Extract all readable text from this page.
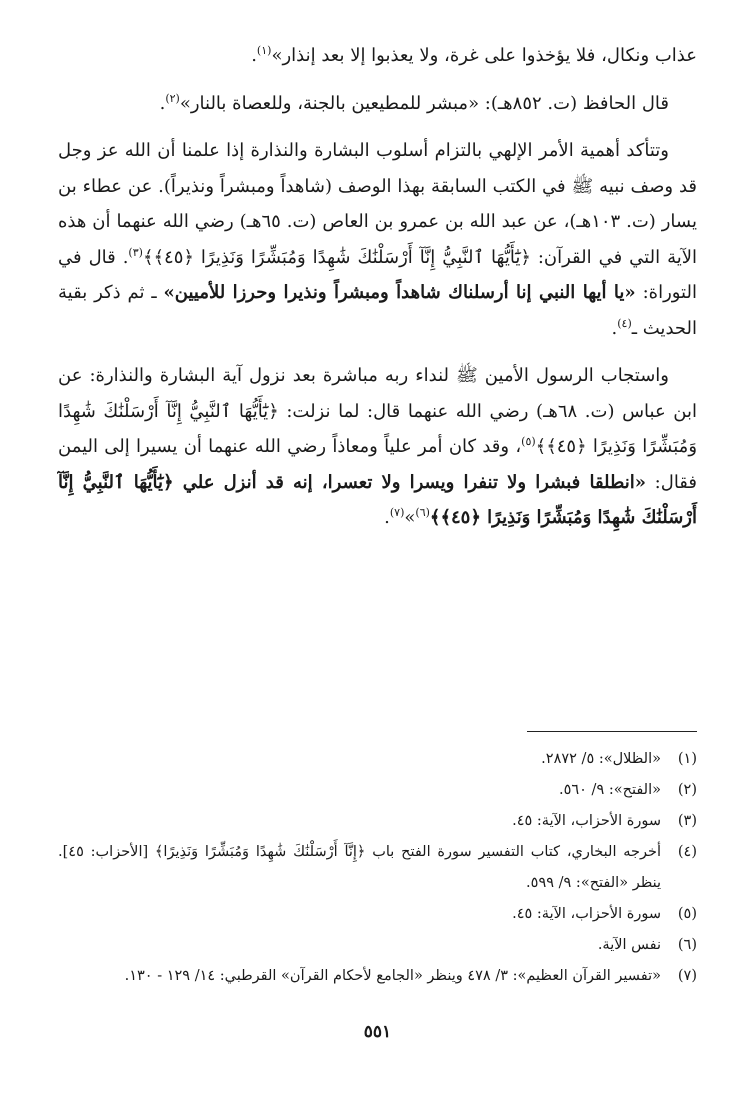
عذاب ونكال، فلا يؤخذوا على غرة، ولا يعذبوا إلا بعد إنذار»$^{(١)}$.

قال الحافظ (ت. ٨٥٢هـ): «مبشر للمطيعين بالجنة، وللعصاة بالنار»$^{(٢)}$.

وتتأكد أهمية الأمر الإلهي بالتزام أسلوب البشارة والنذارة إذا علمنا أن الله عز وجل قد وصف نبيه ﷺ في الكتب السابقة بهذا الوصف (شاهداً ومبشراً ونذيراً). عن عطاء بن يسار (ت. ١٠٣هـ)، عن عبد الله بن عمرو بن العاص (ت. ٦٥هـ) رضي الله عنهما أن هذه الآية التي في القرآن: ﴿يَٰٓأَيُّهَا ٱلنَّبِيُّ إِنَّآ أَرْسَلْنَٰكَ شَٰهِدًا وَمُبَشِّرًا وَنَذِيرًا ﴿٤٥﴾﴾$^{(٣)}$. قال في التوراة: «يا أيها النبي إنا أرسلناك شاهداً ومبشراً ونذيرا وحرزا للأميين» ـ ثم ذكر بقية الحديث ـ$^{(٤)}$.

واستجاب الرسول الأمين ﷺ لنداء ربه مباشرة بعد نزول آية البشارة والنذارة: عن ابن عباس (ت. ٦٨هـ) رضي الله عنهما قال: لما نزلت: ﴿يَٰٓأَيُّهَا ٱلنَّبِيُّ إِنَّآ أَرْسَلْنَٰكَ شَٰهِدًا وَمُبَشِّرًا وَنَذِيرًا ﴿٤٥﴾﴾$^{(٥)}$، وقد كان أمر علياً ومعاذاً رضي الله عنهما أن يسيرا إلى اليمن فقال: «انطلقا فبشرا ولا تنفرا ويسرا ولا تعسرا، إنه قد أنزل علي ﴿يَٰٓأَيُّهَا ٱلنَّبِيُّ إِنَّآ أَرْسَلْنَٰكَ شَٰهِدًا وَمُبَشِّرًا وَنَذِيرًا ﴿٤٥﴾﴾$^{(٦)}$»$^{(٧)}$.

(١)
«الظلال»: ٥/ ٢٨٧٢.
(٢)
«الفتح»: ٩/ ٥٦٠.
(٣)
سورة الأحزاب، الآية: ٤٥.
(٤)
أخرجه البخاري، كتاب التفسير سورة الفتح باب ﴿إِنَّآ أَرْسَلْنَٰكَ شَٰهِدًا وَمُبَشِّرًا وَنَذِيرًا﴾ [الأحزاب: ٤٥]. ينظر «الفتح»: ٩/ ٥٩٩.
(٥)
سورة الأحزاب، الآية: ٤٥.
(٦)
نفس الآية.
(٧)
«تفسير القرآن العظيم»: ٣/ ٤٧٨ وينظر «الجامع لأحكام القرآن» القرطبي: ١٤/ ١٢٩ - ١٣٠.
٥٥١
